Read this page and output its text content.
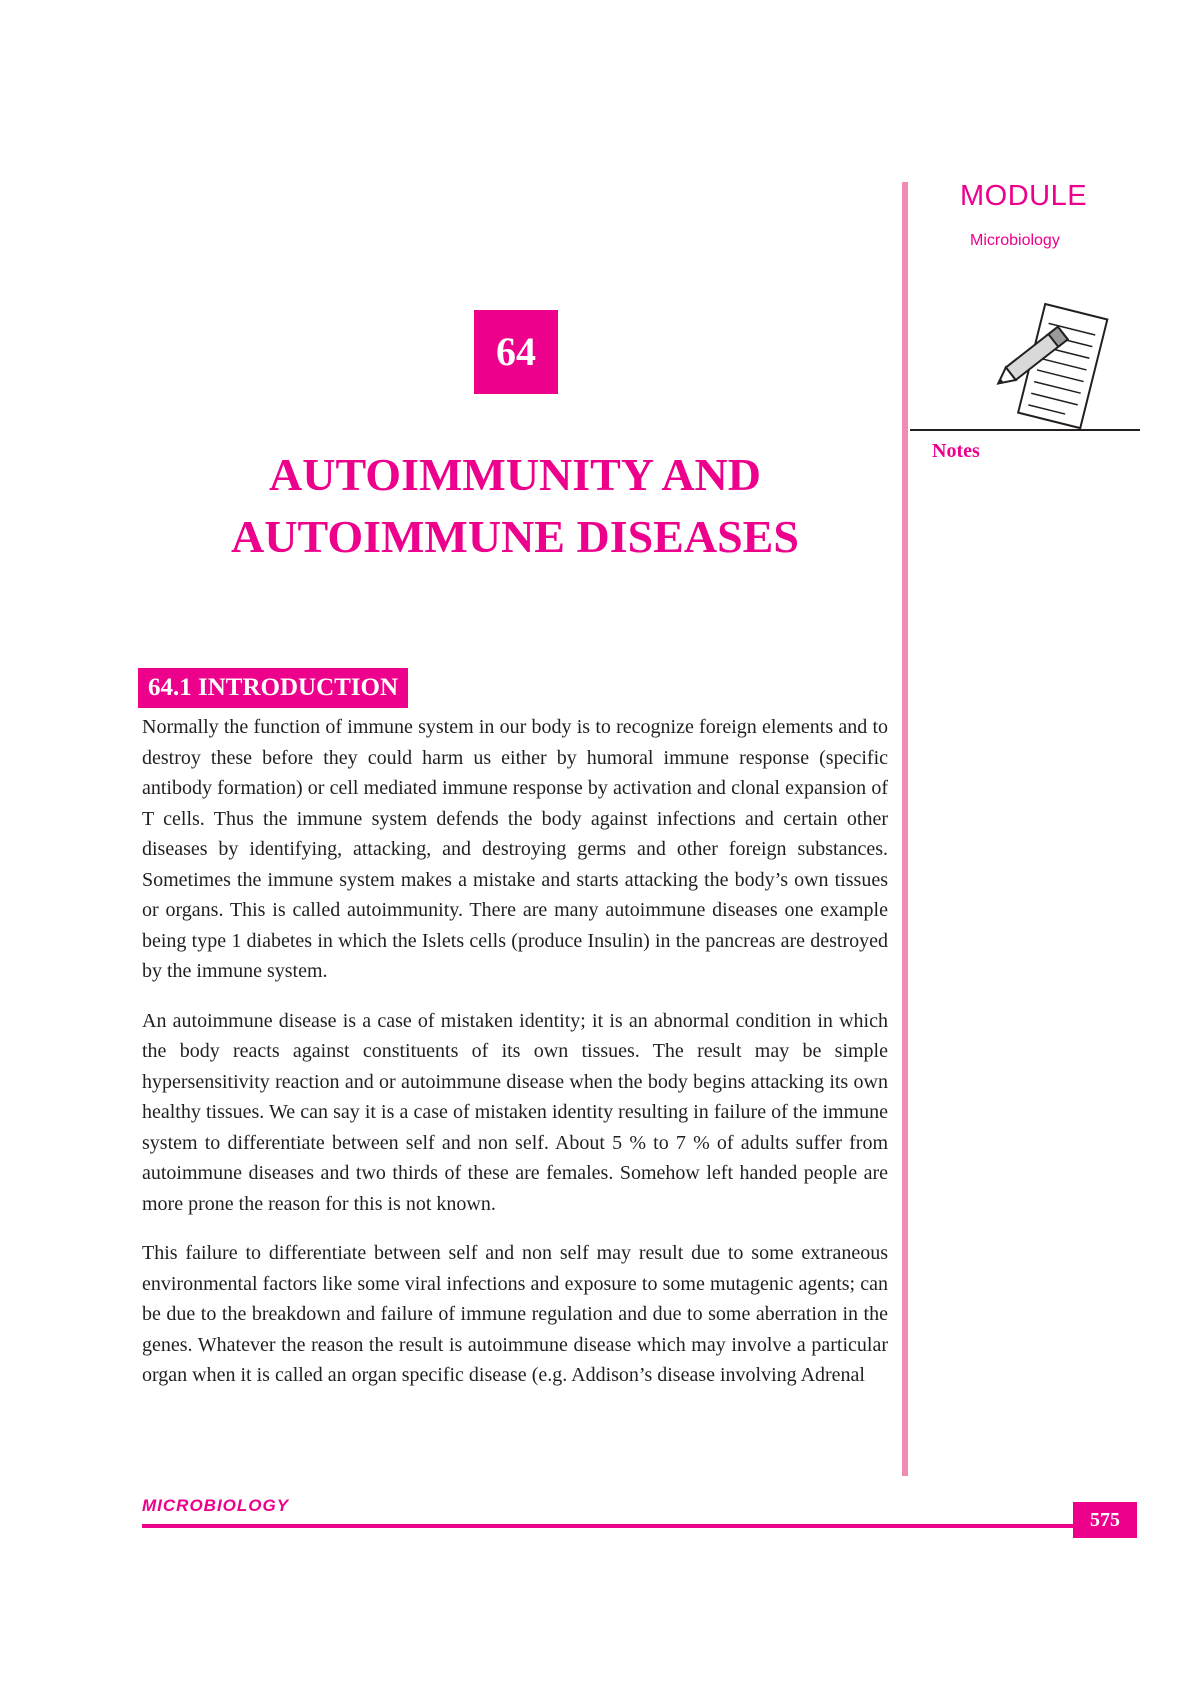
MODULE
Microbiology
Notes
64
AUTOIMMUNITY AND
AUTOIMMUNE DISEASES
64.1 INTRODUCTION

Normally the function of immune system in our body is to recognize foreign elements and to destroy these before they could harm us either by humoral immune response (specific antibody formation) or cell mediated immune response by activation and clonal expansion of T cells. Thus the immune system defends the body against infections and certain other diseases by identifying, attacking, and destroying germs and other foreign substances. Sometimes the immune system makes a mistake and starts attacking the body’s own tissues or organs. This is called autoimmunity. There are many autoimmune diseases one example being type 1 diabetes in which the Islets cells (produce Insulin) in the pancreas are destroyed by the immune system.

An autoimmune disease is a case of mistaken identity; it is an abnormal condition in which the body reacts against constituents of its own tissues. The result may be simple hypersensitivity reaction and or autoimmune disease when the body begins attacking its own healthy tissues. We can say it is a case of mistaken identity resulting in failure of the immune system to differentiate between self and non self. About 5 % to 7 % of adults suffer from autoimmune diseases and two thirds of these are females. Somehow left handed people are more prone the reason for this is not known.

This failure to differentiate between self and non self may result due to some extraneous environmental factors like some viral infections and exposure to some mutagenic agents; can be due to the breakdown and failure of immune regulation and due to some aberration in the genes. Whatever the reason the result is autoimmune disease which may involve a particular organ when it is called an organ specific disease (e.g. Addison’s disease involving Adrenal

MICROBIOLOGY
575
